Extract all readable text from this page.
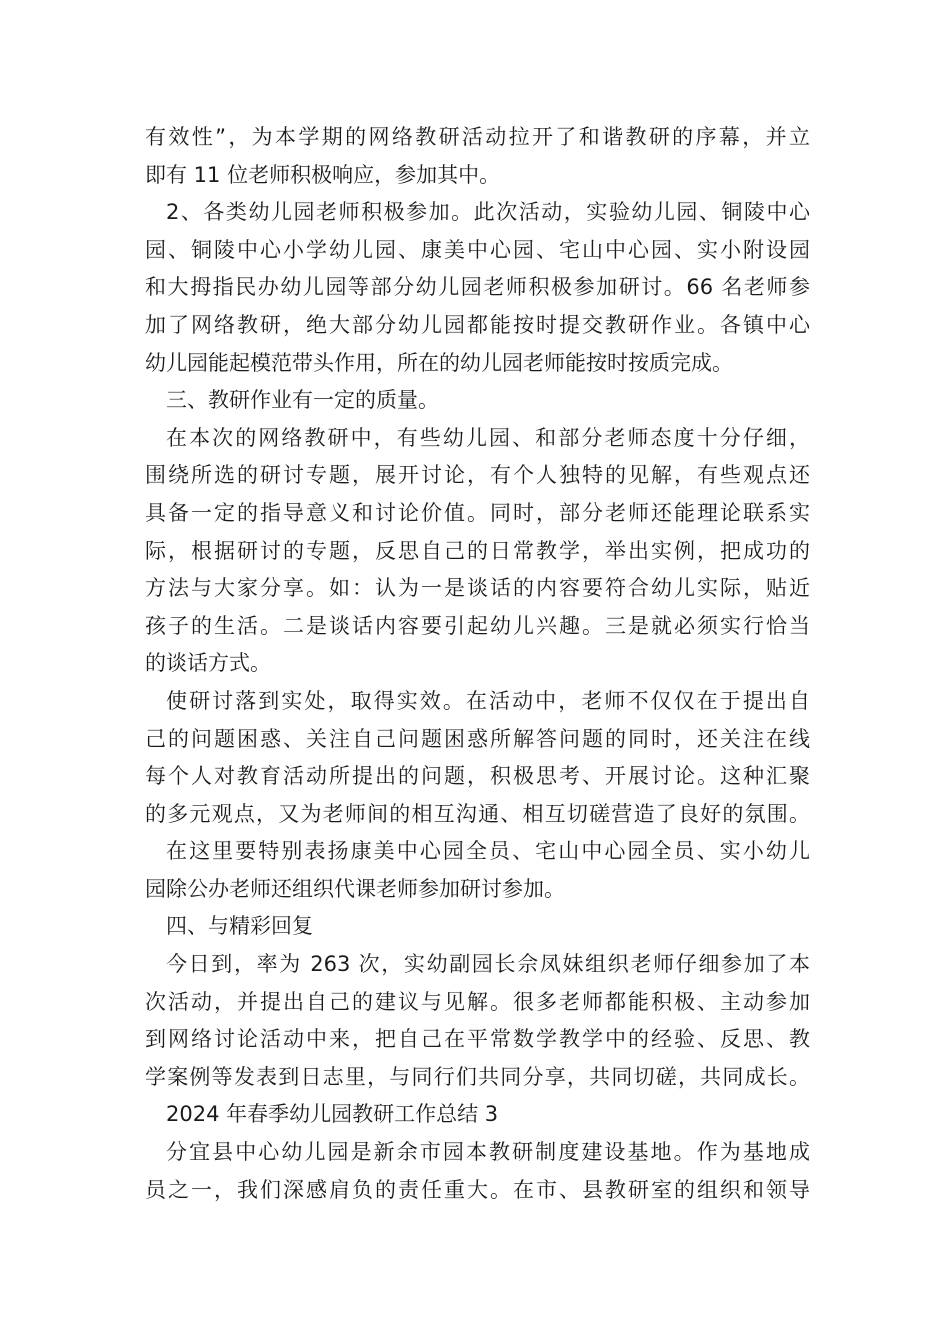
有效性”，为本学期的网络教研活动拉开了和谐教研的序幕，并立
即有 11 位老师积极响应，参加其中。
2、各类幼儿园老师积极参加。此次活动，实验幼儿园、铜陵中心
园、铜陵中心小学幼儿园、康美中心园、宅山中心园、实小附设园
和大拇指民办幼儿园等部分幼儿园老师积极参加研讨。66 名老师参
加了网络教研，绝大部分幼儿园都能按时提交教研作业。各镇中心
幼儿园能起模范带头作用，所在的幼儿园老师能按时按质完成。
三、教研作业有一定的质量。
在本次的网络教研中，有些幼儿园、和部分老师态度十分仔细，
围绕所选的研讨专题，展开讨论，有个人独特的见解，有些观点还
具备一定的指导意义和讨论价值。同时，部分老师还能理论联系实
际，根据研讨的专题，反思自己的日常教学，举出实例，把成功的
方法与大家分享。如：认为一是谈话的内容要符合幼儿实际，贴近
孩子的生活。二是谈话内容要引起幼儿兴趣。三是就必须实行恰当
的谈话方式。
使研讨落到实处，取得实效。在活动中，老师不仅仅在于提出自
己的问题困惑、关注自己问题困惑所解答问题的同时，还关注在线
每个人对教育活动所提出的问题，积极思考、开展讨论。这种汇聚
的多元观点，又为老师间的相互沟通、相互切磋营造了良好的氛围。
在这里要特别表扬康美中心园全员、宅山中心园全员、实小幼儿
园除公办老师还组织代课老师参加研讨参加。
四、与精彩回复
今日到，率为 263 次，实幼副园长佘凤妹组织老师仔细参加了本
次活动，并提出自己的建议与见解。很多老师都能积极、主动参加
到网络讨论活动中来，把自己在平常数学教学中的经验、反思、教
学案例等发表到日志里，与同行们共同分享，共同切磋，共同成长。
2024 年春季幼儿园教研工作总结 3
分宜县中心幼儿园是新余市园本教研制度建设基地。作为基地成
员之一，我们深感肩负的责任重大。在市、县教研室的组织和领导
